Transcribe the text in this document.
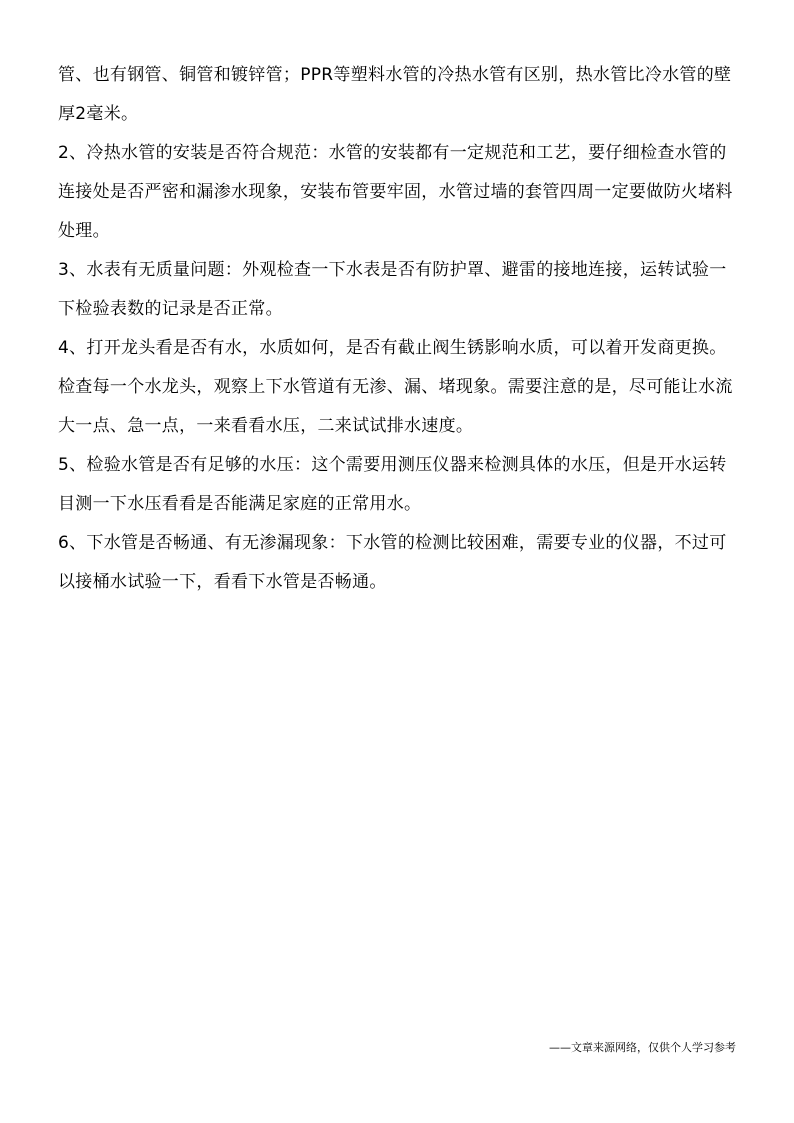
管、也有钢管、铜管和镀锌管；PPR等塑料水管的冷热水管有区别，热水管比冷水管的壁厚2毫米。

2、冷热水管的安装是否符合规范：水管的安装都有一定规范和工艺，要仔细检查水管的连接处是否严密和漏渗水现象，安装布管要牢固，水管过墙的套管四周一定要做防火堵料处理。

3、水表有无质量问题：外观检查一下水表是否有防护罩、避雷的接地连接，运转试验一下检验表数的记录是否正常。

4、打开龙头看是否有水，水质如何，是否有截止阀生锈影响水质，可以着开发商更换。检查每一个水龙头，观察上下水管道有无渗、漏、堵现象。需要注意的是，尽可能让水流大一点、急一点，一来看看水压，二来试试排水速度。

5、检验水管是否有足够的水压：这个需要用测压仪器来检测具体的水压，但是开水运转目测一下水压看看是否能满足家庭的正常用水。

6、下水管是否畅通、有无渗漏现象：下水管的检测比较困难，需要专业的仪器，不过可以接桶水试验一下，看看下水管是否畅通。

——文章来源网络，仅供个人学习参考
